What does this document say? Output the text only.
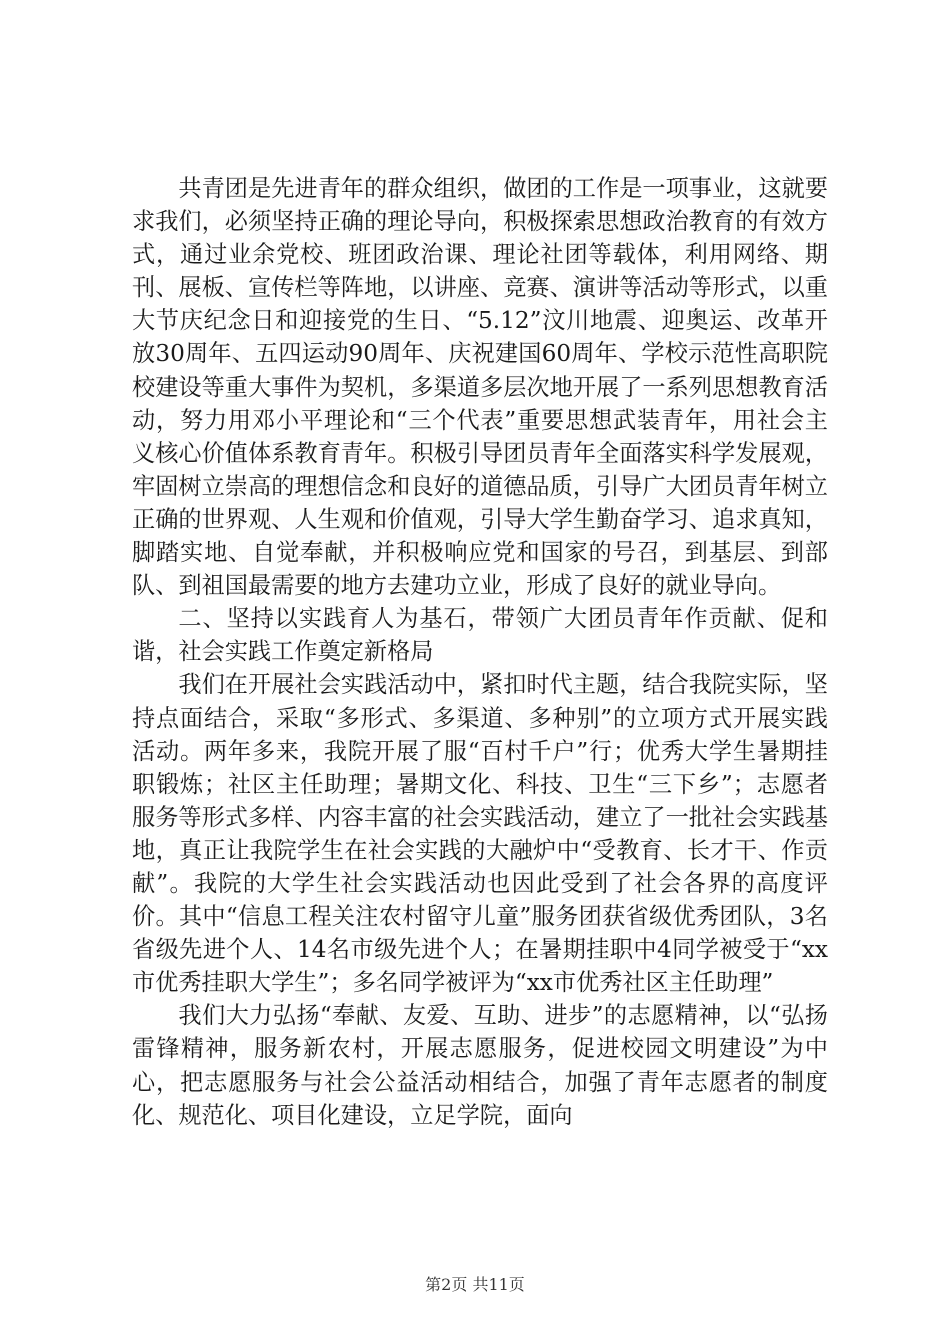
共青团是先进青年的群众组织，做团的工作是一项事业，这就要求我们，必须坚持正确的理论导向，积极探索思想政治教育的有效方式，通过业余党校、班团政治课、理论社团等载体，利用网络、期刊、展板、宣传栏等阵地，以讲座、竞赛、演讲等活动等形式，以重大节庆纪念日和迎接党的生日、“5.12”汶川地震、迎奥运、改革开放30周年、五四运动90周年、庆祝建国60周年、学校示范性高职院校建设等重大事件为契机，多渠道多层次地开展了一系列思想教育活动，努力用邓小平理论和“三个代表”重要思想武装青年，用社会主义核心价值体系教育青年。积极引导团员青年全面落实科学发展观，牢固树立崇高的理想信念和良好的道德品质，引导广大团员青年树立正确的世界观、人生观和价值观，引导大学生勤奋学习、追求真知，脚踏实地、自觉奉献，并积极响应党和国家的号召，到基层、到部队、到祖国最需要的地方去建功立业，形成了良好的就业导向。

二、坚持以实践育人为基石，带领广大团员青年作贡献、促和谐，社会实践工作奠定新格局

我们在开展社会实践活动中，紧扣时代主题，结合我院实际，坚持点面结合，采取“多形式、多渠道、多种别”的立项方式开展实践活动。两年多来，我院开展了服“百村千户”行；优秀大学生暑期挂职锻炼；社区主任助理；暑期文化、科技、卫生“三下乡”；志愿者服务等形式多样、内容丰富的社会实践活动，建立了一批社会实践基地，真正让我院学生在社会实践的大融炉中“受教育、长才干、作贡献”。我院的大学生社会实践活动也因此受到了社会各界的高度评价。其中“信息工程关注农村留守儿童”服务团获省级优秀团队，3名省级先进个人、14名市级先进个人；在暑期挂职中4同学被受于“xx市优秀挂职大学生”；多名同学被评为“xx市优秀社区主任助理”

我们大力弘扬“奉献、友爱、互助、进步”的志愿精神，以“弘扬雷锋精神，服务新农村，开展志愿服务，促进校园文明建设”为中心，把志愿服务与社会公益活动相结合，加强了青年志愿者的制度化、规范化、项目化建设，立足学院，面向

第2页 共11页
